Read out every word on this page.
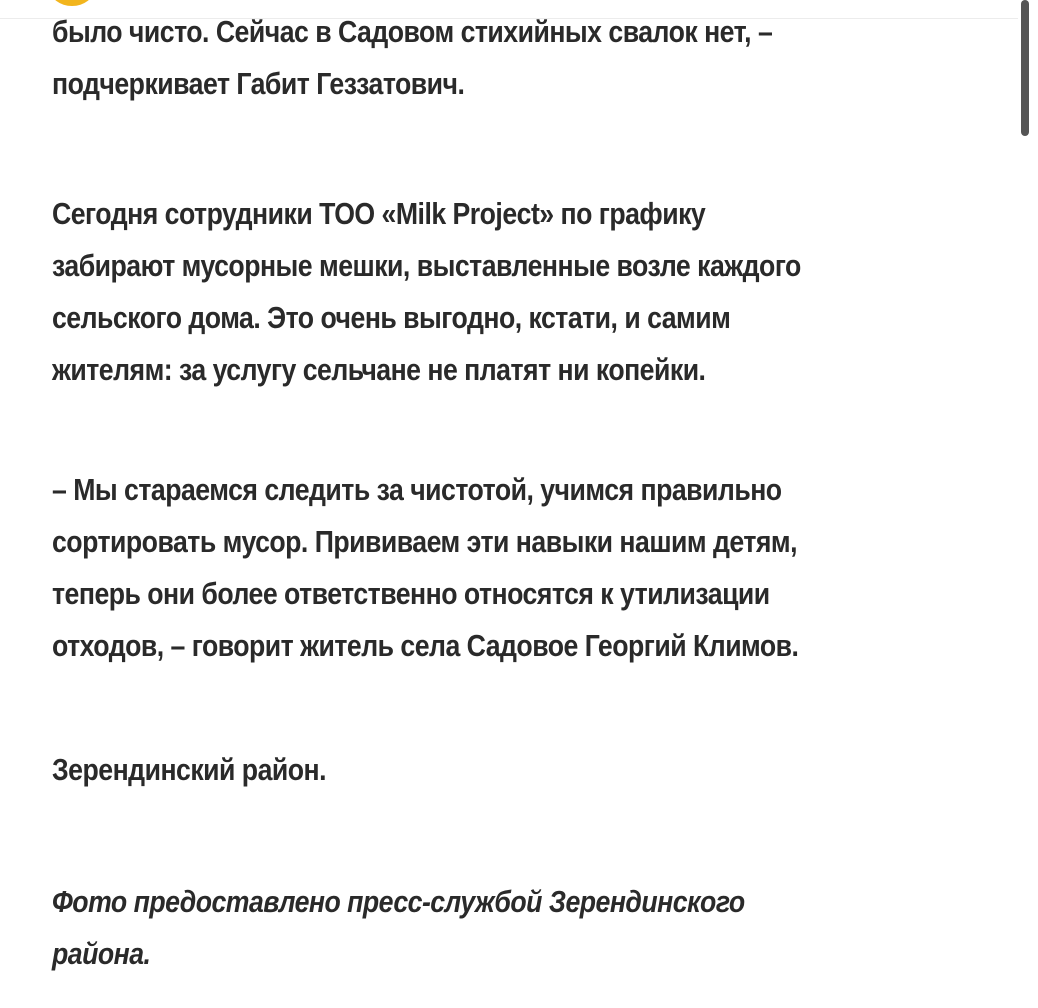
было чисто. Сейчас в Садовом стихийных свалок нет, –
подчеркивает Габит Геззатович.

Сегодня сотрудники ТОО «Milk Project» по графику
забирают мусорные мешки, выставленные возле каждого
сельского дома. Это очень выгодно, кстати, и самим
жителям: за услугу сельчане не платят ни копейки.

– Мы стараемся следить за чистотой, учимся правильно
сортировать мусор. Прививаем эти навыки нашим детям,
теперь они более ответственно относятся к утилизации
отходов, – говорит житель села Садовое Георгий Климов.

Зерендинский район.

Фото предоставлено пресс-службой Зерендинского
района.
